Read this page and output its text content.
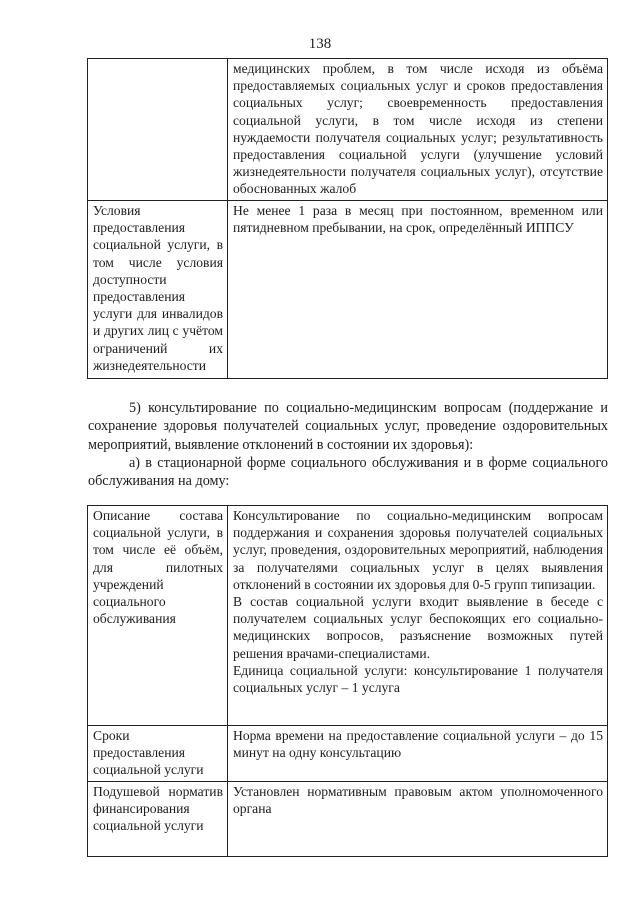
138
	медицинских проблем, в том числе исходя из объёма предоставляемых социальных услуг и сроков предоставления социальных услуг; своевременность предоставления социальной услуги, в том числе исходя из степени нуждаемости получателя социальных услуг; результативность предоставления социальной услуги (улучшение условий жизнедеятельности получателя социальных услуг), отсутствие обоснованных жалоб
Условия предоставления социальной услуги, в том числе условия доступности предоставления услуги для инвалидов и других лиц с учётом ограничений их жизнедеятельности	Не менее 1 раза в месяц при постоянном, временном или пятидневном пребывании, на срок, определённый ИППСУ
5) консультирование по социально-медицинским вопросам (поддержание и сохранение здоровья получателей социальных услуг, проведение оздоровительных мероприятий, выявление отклонений в состоянии их здоровья):
а) в стационарной форме социального обслуживания и в форме социального обслуживания на дому:
Описание состава социальной услуги, в том числе её объём, для пилотных учреждений социального обслуживания	Консультирование по социально-медицинским вопросам поддержания и сохранения здоровья получателей социальных услуг, проведения, оздоровительных мероприятий, наблюдения за получателями социальных услуг в целях выявления отклонений в состоянии их здоровья для 0-5 групп типизации.
В состав социальной услуги входит выявление в беседе с получателем социальных услуг беспокоящих его социально-медицинских вопросов, разъяснение возможных путей решения врачами-специалистами.
Единица социальной услуги: консультирование 1 получателя социальных услуг – 1 услуга

Сроки предоставления социальной услуги	Норма времени на предоставление социальной услуги – до 15 минут на одну консультацию
Подушевой норматив финансирования социальной услуги	Установлен нормативным правовым актом уполномоченного органа
